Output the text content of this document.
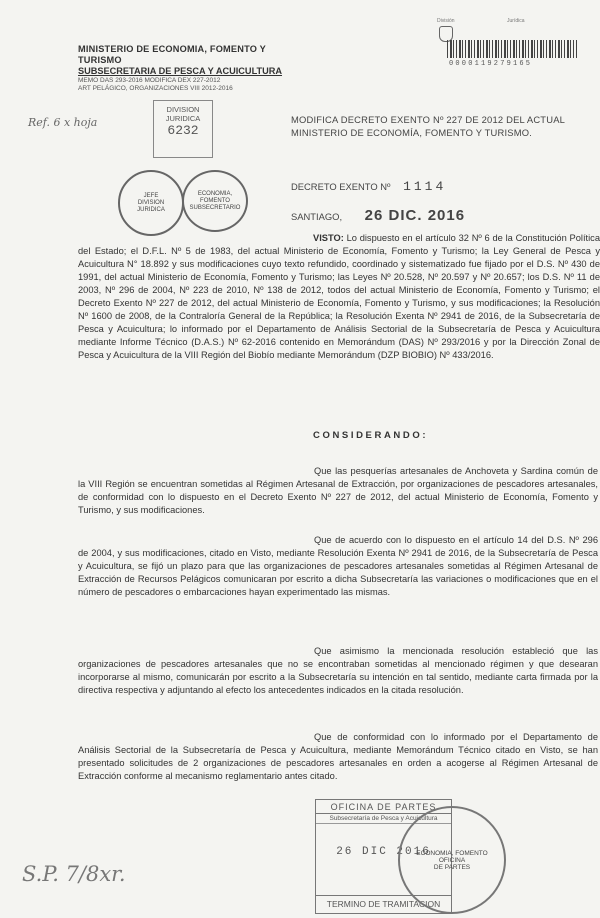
MINISTERIO DE ECONOMIA, FOMENTO Y TURISMO
SUBSECRETARIA DE PESCA Y ACUICULTURA
MEMO DAS 293-2016 MODIFICA DEX 227-2012
ART PELÁGICO, ORGANIZACIONES VIII 2012-2016
División	Jurídica
0000119279165
Ref. 6 x hoja
DIVISION
JURIDICA
6232
JEFE
DIVISION
JURIDICA
ECONOMIA, FOMENTO
SUBSECRETARIO
MODIFICA DECRETO EXENTO Nº 227 DE 2012 DEL ACTUAL MINISTERIO DE ECONOMÍA, FOMENTO Y TURISMO.
DECRETO EXENTO Nº 1114
SANTIAGO, 26 DIC. 2016
VISTO: Lo dispuesto en el artículo 32 Nº 6 de la Constitución Política del Estado; el D.F.L. Nº 5 de 1983, del actual Ministerio de Economía, Fomento y Turismo; la Ley General de Pesca y Acuicultura N° 18.892 y sus modificaciones cuyo texto refundido, coordinado y sistematizado fue fijado por el D.S. Nº 430 de 1991, del actual Ministerio de Economía, Fomento y Turismo; las Leyes Nº 20.528, Nº 20.597 y Nº 20.657; los D.S. Nº 11 de 2003, Nº 296 de 2004, Nº 223 de 2010, Nº 138 de 2012, todos del actual Ministerio de Economía, Fomento y Turismo; el Decreto Exento Nº 227 de 2012, del actual Ministerio de Economía, Fomento y Turismo, y sus modificaciones; la Resolución Nº 1600 de 2008, de la Contraloría General de la República; la Resolución Exenta Nº 2941 de 2016, de la Subsecretaría de Pesca y Acuicultura; lo informado por el Departamento de Análisis Sectorial de la Subsecretaría de Pesca y Acuicultura mediante Informe Técnico (D.A.S.) Nº 62-2016 contenido en Memorándum (DAS) Nº 293/2016 y por la Dirección Zonal de Pesca y Acuicultura de la VIII Región del Biobío mediante Memorándum (DZP BIOBIO) Nº 433/2016.
CONSIDERANDO:
Que las pesquerías artesanales de Anchoveta y Sardina común de la VIII Región se encuentran sometidas al Régimen Artesanal de Extracción, por organizaciones de pescadores artesanales, de conformidad con lo dispuesto en el Decreto Exento Nº 227 de 2012, del actual Ministerio de Economía, Fomento y Turismo, y sus modificaciones.
Que de acuerdo con lo dispuesto en el artículo 14 del D.S. Nº 296 de 2004, y sus modificaciones, citado en Visto, mediante Resolución Exenta Nº 2941 de 2016, de la Subsecretaría de Pesca y Acuicultura, se fijó un plazo para que las organizaciones de pescadores artesanales sometidas al Régimen Artesanal de Extracción de Recursos Pelágicos comunicaran por escrito a dicha Subsecretaría las variaciones o modificaciones que en el número de pescadores o embarcaciones hayan experimentado las mismas.
Que asimismo la mencionada resolución estableció que las organizaciones de pescadores artesanales que no se encontraban sometidas al mencionado régimen y que desearan incorporarse al mismo, comunicarán por escrito a la Subsecretaría su intención en tal sentido, mediante carta firmada por la directiva respectiva y adjuntando al efecto los antecedentes indicados en la citada resolución.
Que de conformidad con lo informado por el Departamento de Análisis Sectorial de la Subsecretaría de Pesca y Acuicultura, mediante Memorándum Técnico citado en Visto, se han presentado solicitudes de 2 organizaciones de pescadores artesanales en orden a acogerse al Régimen Artesanal de Extracción conforme al mecanismo reglamentario antes citado.
OFICINA DE PARTES
Subsecretaría de Pesca y Acuicultura
26 DIC 2016
TERMINO DE TRAMITACION
ECONOMIA, FOMENTO
OFICINA
DE PARTES
S.P. 7/8xr.
